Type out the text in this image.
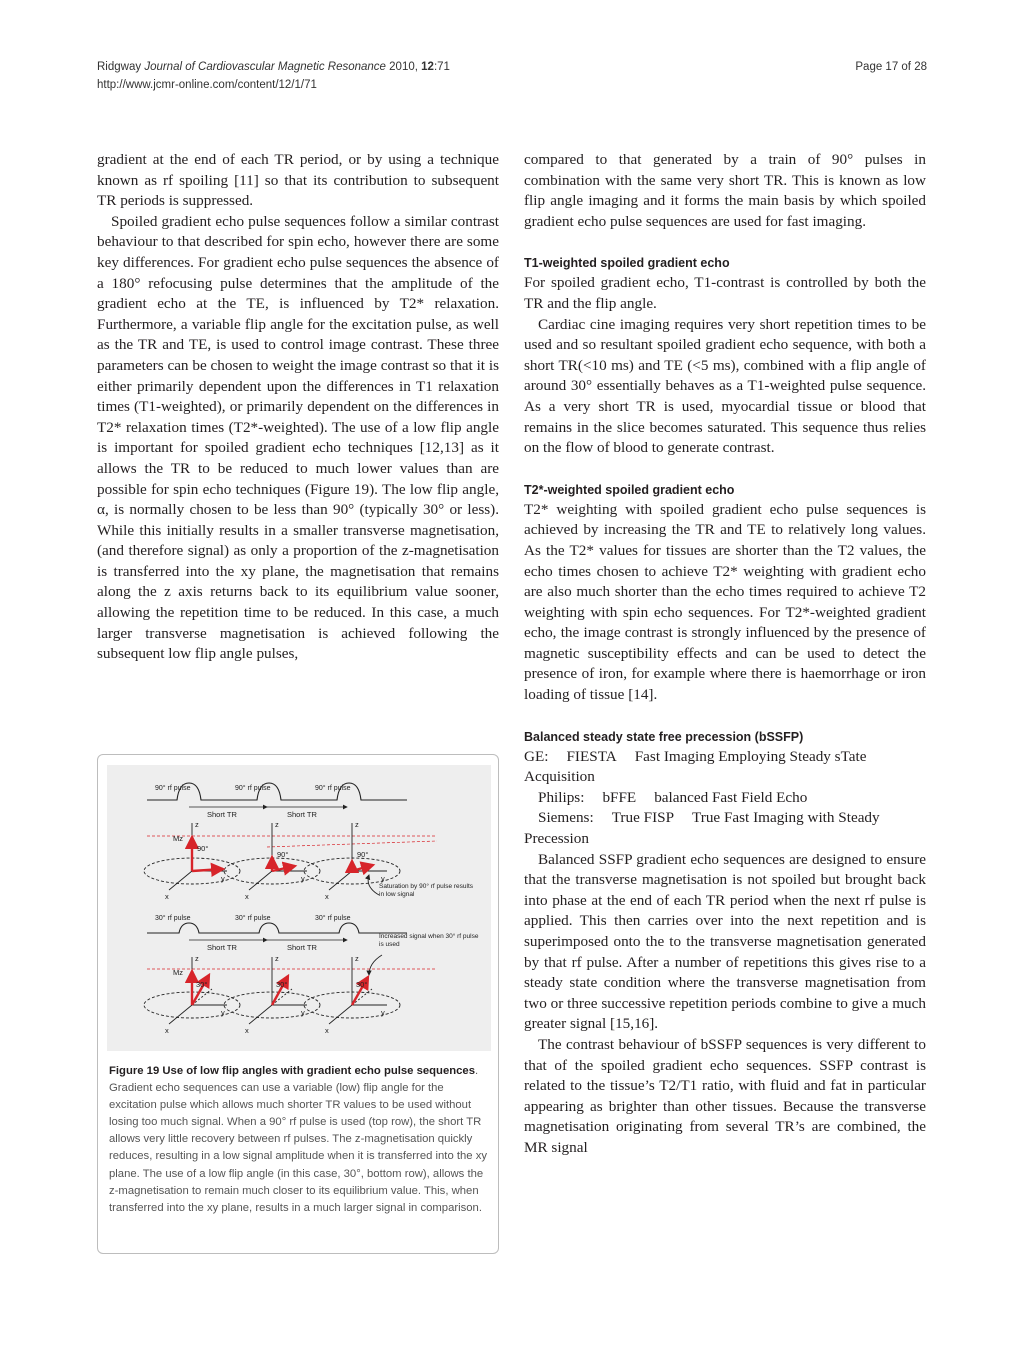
Ridgway Journal of Cardiovascular Magnetic Resonance 2010, 12:71
http://www.jcmr-online.com/content/12/1/71
Page 17 of 28

gradient at the end of each TR period, or by using a technique known as rf spoiling [11] so that its contribution to subsequent TR periods is suppressed.

Spoiled gradient echo pulse sequences follow a similar contrast behaviour to that described for spin echo, however there are some key differences. For gradient echo pulse sequences the absence of a 180° refocusing pulse determines that the amplitude of the gradient echo at the TE, is influenced by T2* relaxation. Furthermore, a variable flip angle for the excitation pulse, as well as the TR and TE, is used to control image contrast. These three parameters can be chosen to weight the image contrast so that it is either primarily dependent upon the differences in T1 relaxation times (T1-weighted), or primarily dependent on the differences in T2* relaxation times (T2*-weighted). The use of a low flip angle is important for spoiled gradient echo techniques [12,13] as it allows the TR to be reduced to much lower values than are possible for spin echo techniques (Figure 19). The low flip angle, α, is normally chosen to be less than 90° (typically 30° or less). While this initially results in a smaller transverse magnetisation, (and therefore signal) as only a proportion of the z-magnetisation is transferred into the xy plane, the magnetisation that remains along the z axis returns back to its equilibrium value sooner, allowing the repetition time to be reduced. In this case, a much larger transverse magnetisation is achieved following the subsequent low flip angle pulses,

90° rf pulse	90° rf pulse	90° rf pulse
Short TR	Short TR
z	z	z
Mz
90°
90°	90°
x	x	x
y	y	y
Saturation by 90° rf pulse results in low signal
30° rf pulse	30° rf pulse	30° rf pulse
Short TR	Short TR
Increased signal when 30° rf pulse is used
z	z	z
Mz
30°	30°	30°
x	x	x
y	y	y
Figure 19 Use of low flip angles with gradient echo pulse sequences. Gradient echo sequences can use a variable (low) flip angle for the excitation pulse which allows much shorter TR values to be used without losing too much signal. When a 90° rf pulse is used (top row), the short TR allows very little recovery between rf pulses. The z-magnetisation quickly reduces, resulting in a low signal amplitude when it is transferred into the xy plane. The use of a low flip angle (in this case, 30°, bottom row), allows the z-magnetisation to remain much closer to its equilibrium value. This, when transferred into the xy plane, results in a much larger signal in comparison.

compared to that generated by a train of 90° pulses in combination with the same very short TR. This is known as low flip angle imaging and it forms the main basis by which spoiled gradient echo pulse sequences are used for fast imaging.

T1-weighted spoiled gradient echo

For spoiled gradient echo, T1-contrast is controlled by both the TR and the flip angle.

Cardiac cine imaging requires very short repetition times to be used and so resultant spoiled gradient echo sequence, with both a short TR(<10 ms) and TE (<5 ms), combined with a flip angle of around 30° essentially behaves as a T1-weighted pulse sequence. As a very short TR is used, myocardial tissue or blood that remains in the slice becomes saturated. This sequence thus relies on the flow of blood to generate contrast.

T2*-weighted spoiled gradient echo

T2* weighting with spoiled gradient echo pulse sequences is achieved by increasing the TR and TE to relatively long values. As the T2* values for tissues are shorter than the T2 values, the echo times chosen to achieve T2* weighting with gradient echo are also much shorter than the echo times required to achieve T2 weighting with spin echo sequences. For T2*-weighted gradient echo, the image contrast is strongly influenced by the presence of magnetic susceptibility effects and can be used to detect the presence of iron, for example where there is haemorrhage or iron loading of tissue [14].

Balanced steady state free precession (bSSFP)

GE: FIESTA Fast Imaging Employing Steady sTate Acquisition

Philips: bFFE balanced Fast Field Echo

Siemens: True FISP True Fast Imaging with Steady Precession

Balanced SSFP gradient echo sequences are designed to ensure that the transverse magnetisation is not spoiled but brought back into phase at the end of each TR period when the next rf pulse is applied. This then carries over into the next repetition and is superimposed onto the to the transverse magnetisation generated by that rf pulse. After a number of repetitions this gives rise to a steady state condition where the transverse magnetisation from two or three successive repetition periods combine to give a much greater signal [15,16].

The contrast behaviour of bSSFP sequences is very different to that of the spoiled gradient echo sequences. SSFP contrast is related to the tissue’s T2/T1 ratio, with fluid and fat in particular appearing as brighter than other tissues. Because the transverse magnetisation originating from several TR’s are combined, the MR signal
